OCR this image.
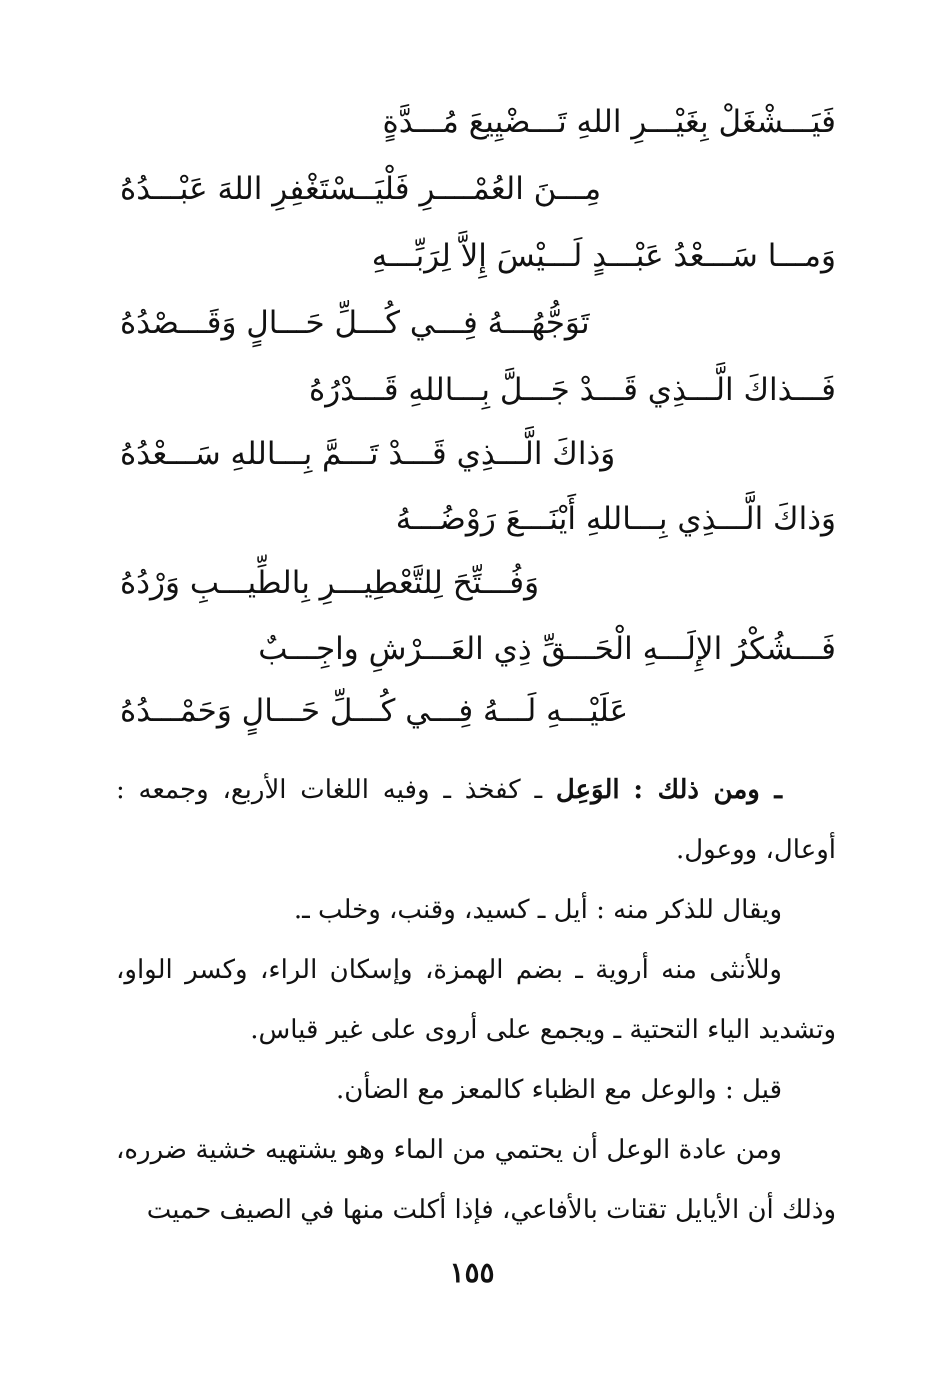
فَيَـــشْغَلْ بِغَيْـــرِ اللهِ تَـــضْيِيعَ مُـــدَّةٍ
مِـــنَ العُمْــــرِ فَلْيَــسْتَغْفِرِ اللهَ عَبْـــدُهُ
وَمـــا سَـــعْدُ عَبْـــدٍ لَـــيْسَ إِلاَّ لِرَبِّـــهِ
تَوَجُّهُـــهُ فِـــي كُـــلِّ حَـــالٍ وَقَـــصْدُهُ
فَـــذاكَ الَّـــذِي قَـــدْ جَـــلَّ بِـــاللهِ قَـــدْرُهُ
وَذاكَ الَّـــذِي قَـــدْ تَـــمَّ بِـــاللهِ سَـــعْدُهُ
وَذاكَ الَّـــذِي بِـــاللهِ أَيْنَـــعَ رَوْضُـــهُ
وَفُـــتِّحَ لِلتَّعْطِيـــرِ بِالطِّيـــبِ وَرْدُهُ
فَـــشُكْرُ الإِلَـــهِ الْحَـــقِّ ذِي العَـــرْشِ واجِـــبٌ
عَلَيْـــهِ لَـــهُ فِـــي كُـــلِّ حَـــالٍ وَحَمْـــدُهُ

ـ ومن ذلك : الوَعِل ـ كفخذ ـ وفيه اللغات الأربع، وجمعه : أوعال، ووعول.

ويقال للذكر منه : أيل ـ كسيد، وقنب، وخلب ـ.

وللأنثى منه أروية ـ بضم الهمزة، وإسكان الراء، وكسر الواو، وتشديد الياء التحتية ـ ويجمع على أروى على غير قياس.

قيل : والوعل مع الظباء كالمعز مع الضأن.

ومن عادة الوعل أن يحتمي من الماء وهو يشتهيه خشية ضرره، وذلك أن الأيايل تقتات بالأفاعي، فإذا أكلت منها في الصيف حميت

١٥٥
